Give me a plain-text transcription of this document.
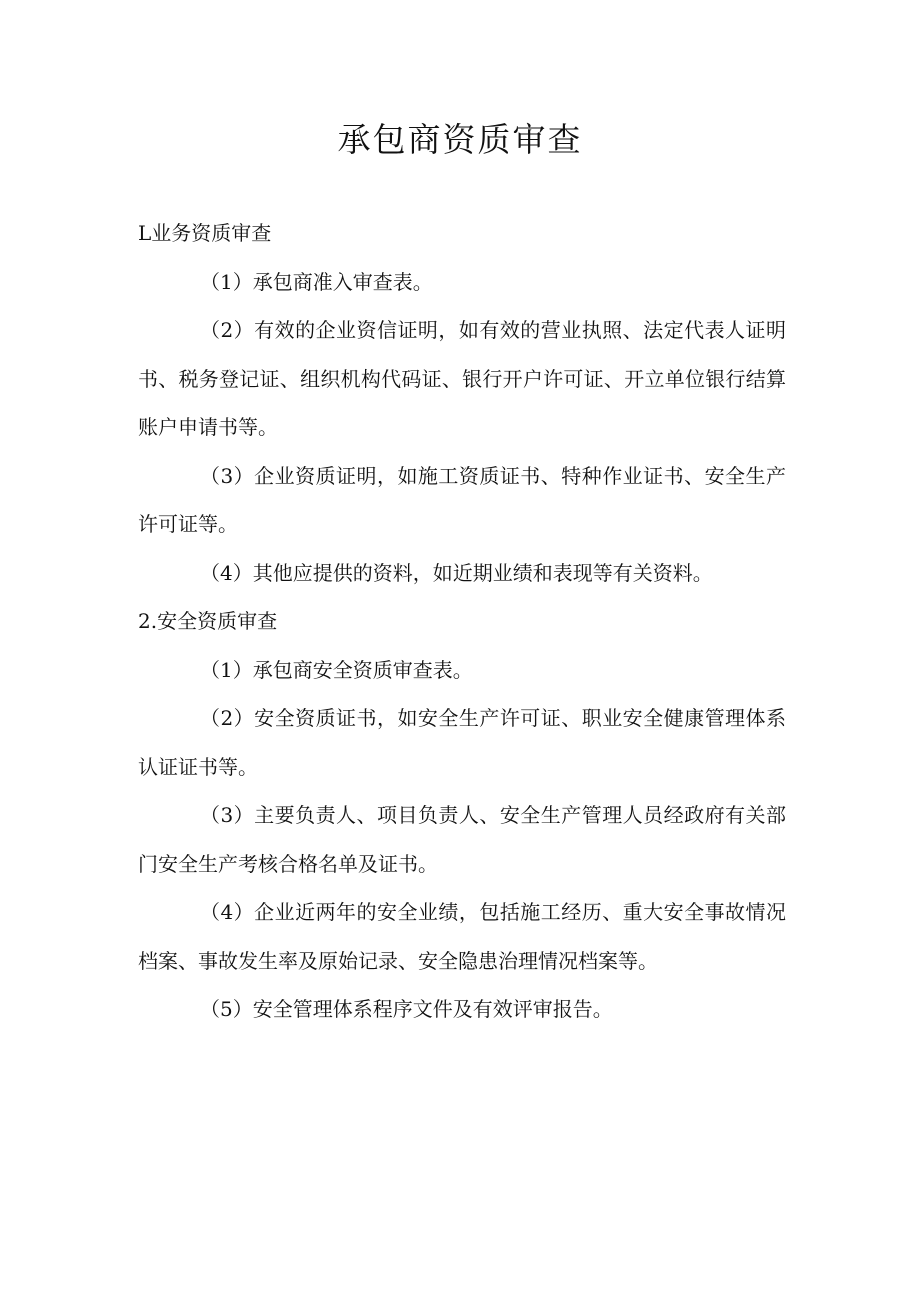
承包商资质审查

L业务资质审查

（1）承包商准入审查表。

（2）有效的企业资信证明，如有效的营业执照、法定代表人证明书、税务登记证、组织机构代码证、银行开户许可证、开立单位银行结算账户申请书等。

（3）企业资质证明，如施工资质证书、特种作业证书、安全生产许可证等。

（4）其他应提供的资料，如近期业绩和表现等有关资料。

2.安全资质审查

（1）承包商安全资质审查表。

（2）安全资质证书，如安全生产许可证、职业安全健康管理体系认证证书等。

（3）主要负责人、项目负责人、安全生产管理人员经政府有关部门安全生产考核合格名单及证书。

（4）企业近两年的安全业绩，包括施工经历、重大安全事故情况档案、事故发生率及原始记录、安全隐患治理情况档案等。

（5）安全管理体系程序文件及有效评审报告。
